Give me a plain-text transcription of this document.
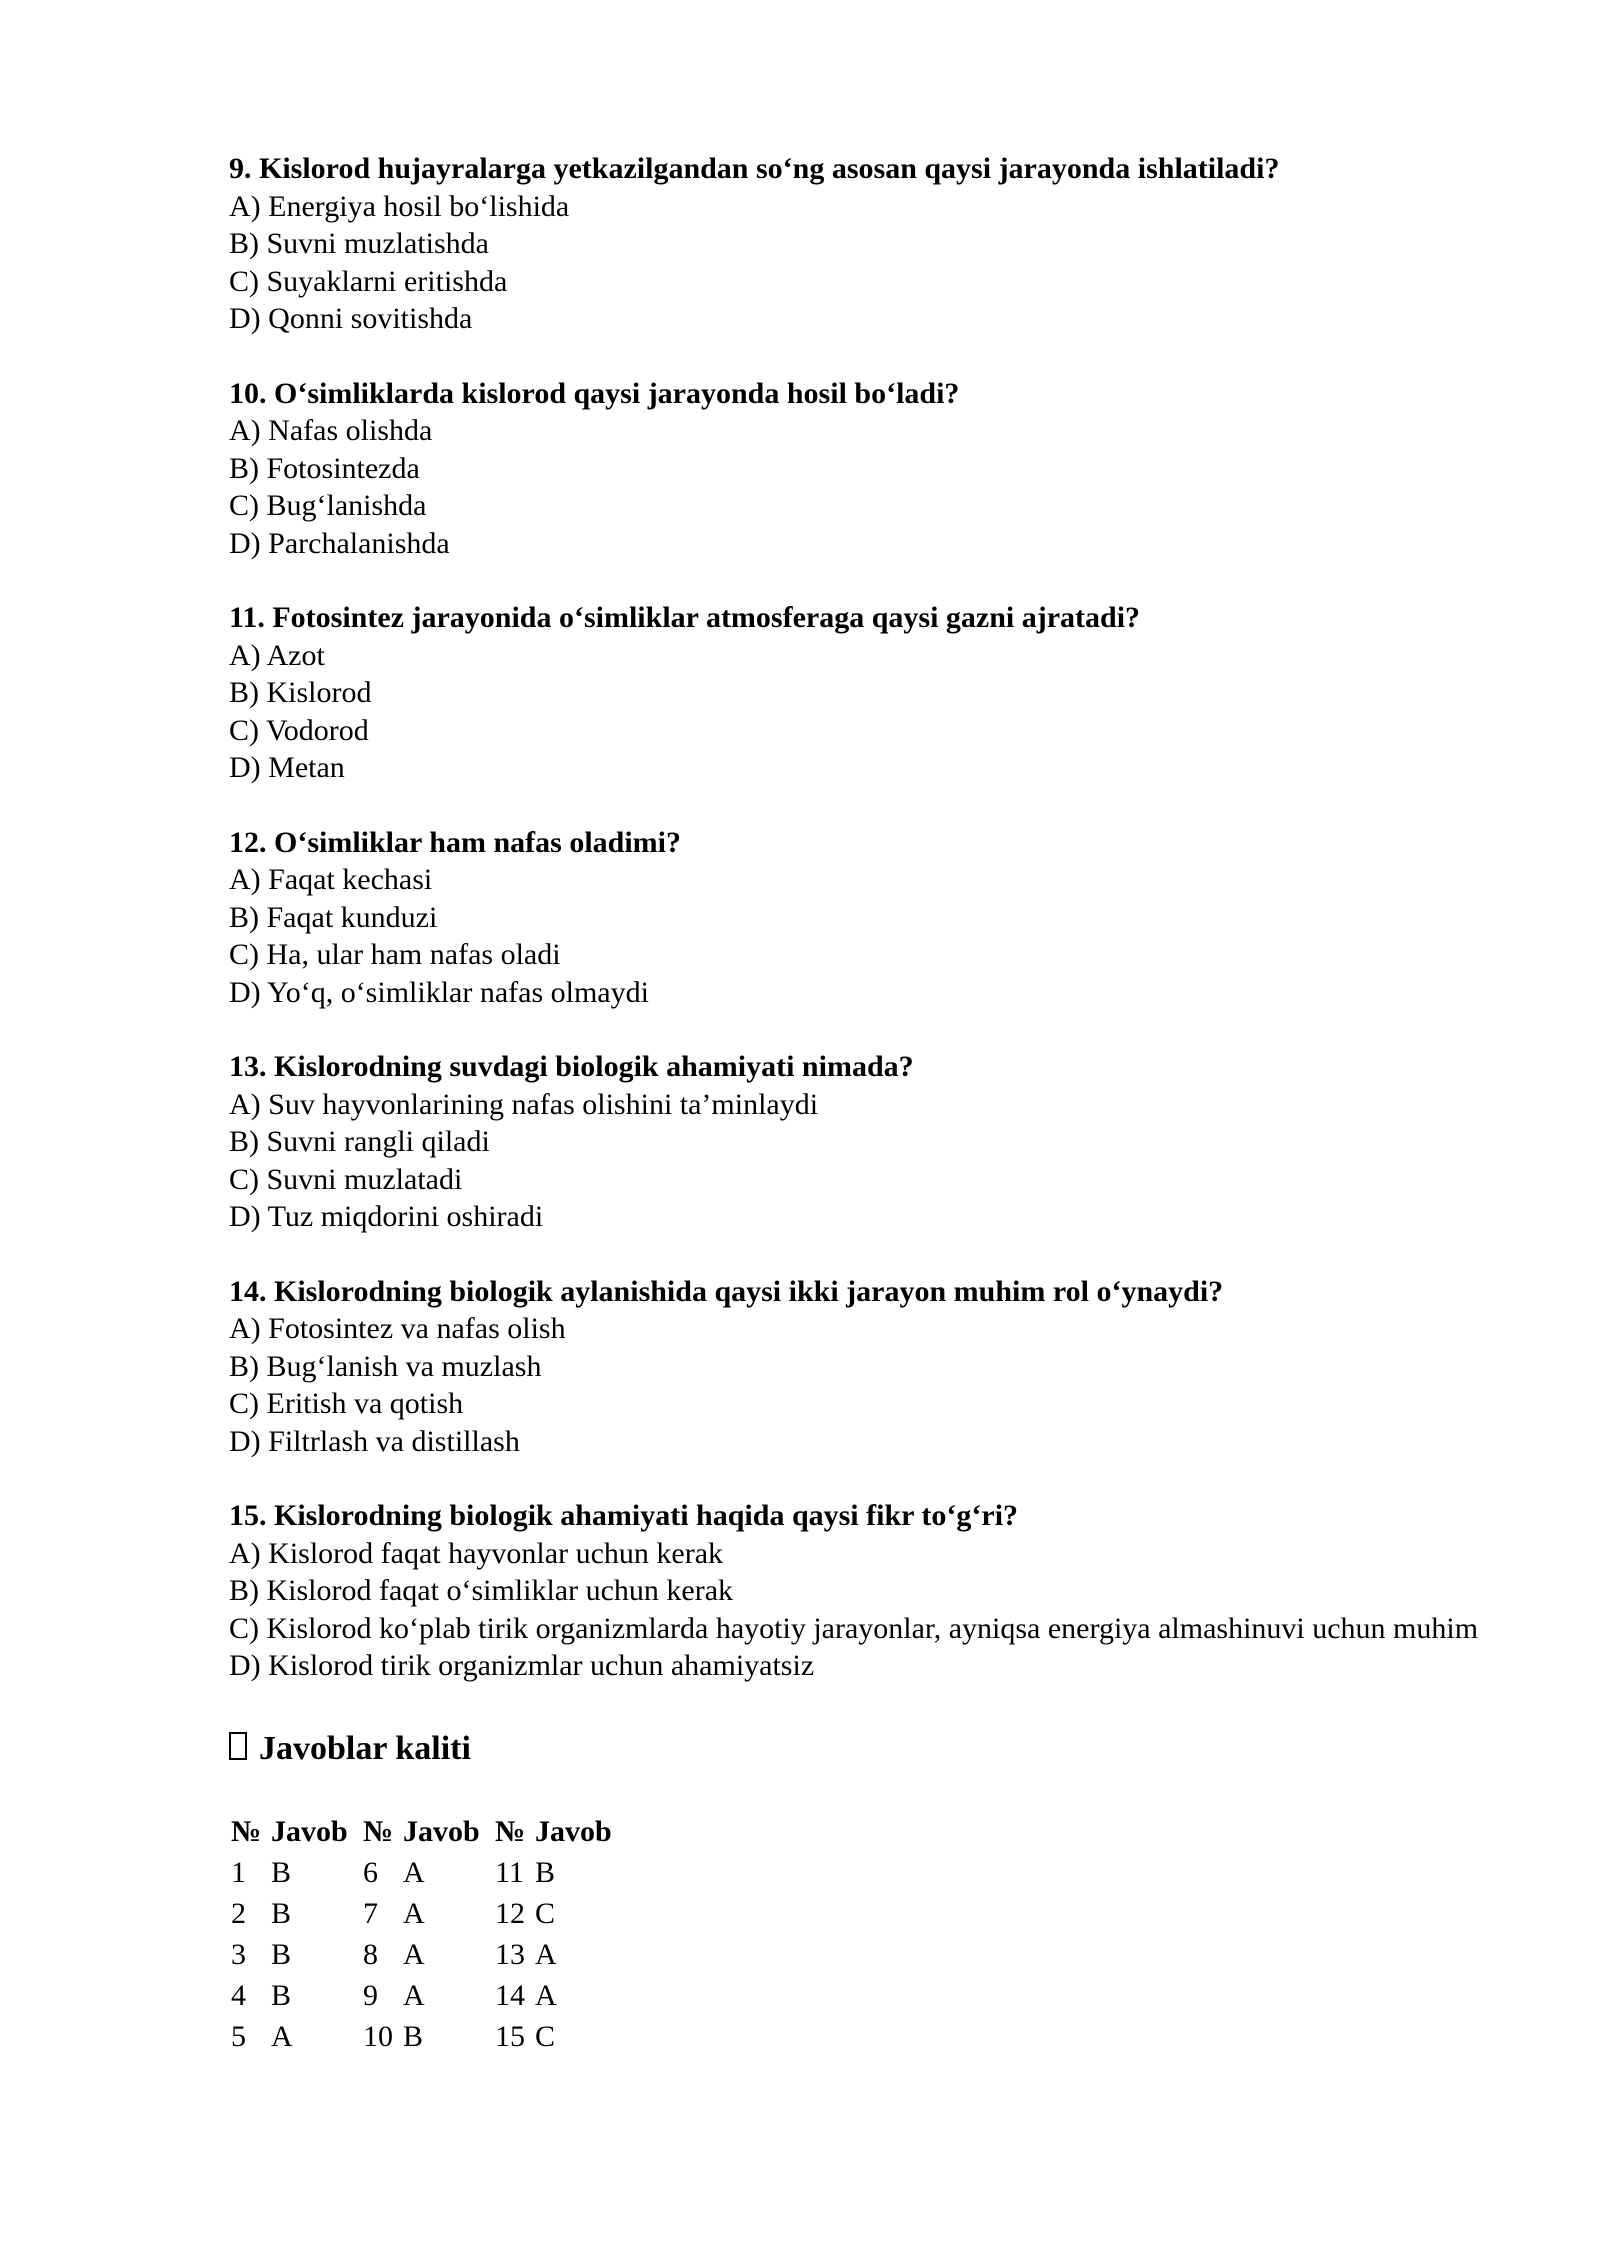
9. Kislorod hujayralarga yetkazilgandan so‘ng asosan qaysi jarayonda ishlatiladi?
A) Energiya hosil bo‘lishida
B) Suvni muzlatishda
C) Suyaklarni eritishda
D) Qonni sovitishda
10. O‘simliklarda kislorod qaysi jarayonda hosil bo‘ladi?
A) Nafas olishda
B) Fotosintezda
C) Bug‘lanishda
D) Parchalanishda
11. Fotosintez jarayonida o‘simliklar atmosferaga qaysi gazni ajratadi?
A) Azot
B) Kislorod
C) Vodorod
D) Metan
12. O‘simliklar ham nafas oladimi?
A) Faqat kechasi
B) Faqat kunduzi
C) Ha, ular ham nafas oladi
D) Yo‘q, o‘simliklar nafas olmaydi
13. Kislorodning suvdagi biologik ahamiyati nimada?
A) Suv hayvonlarining nafas olishini ta’minlaydi
B) Suvni rangli qiladi
C) Suvni muzlatadi
D) Tuz miqdorini oshiradi
14. Kislorodning biologik aylanishida qaysi ikki jarayon muhim rol o‘ynaydi?
A) Fotosintez va nafas olish
B) Bug‘lanish va muzlash
C) Eritish va qotish
D) Filtrlash va distillash
15. Kislorodning biologik ahamiyati haqida qaysi fikr to‘g‘ri?
A) Kislorod faqat hayvonlar uchun kerak
B) Kislorod faqat o‘simliklar uchun kerak
C) Kislorod ko‘plab tirik organizmlarda hayotiy jarayonlar, ayniqsa energiya almashinuvi uchun muhim
D) Kislorod tirik organizmlar uchun ahamiyatsiz
Javoblar kaliti
№	Javob	№	Javob	№	Javob
1	B	6	A	11	B
2	B	7	A	12	C
3	B	8	A	13	A
4	B	9	A	14	A
5	A	10	B	15	C
